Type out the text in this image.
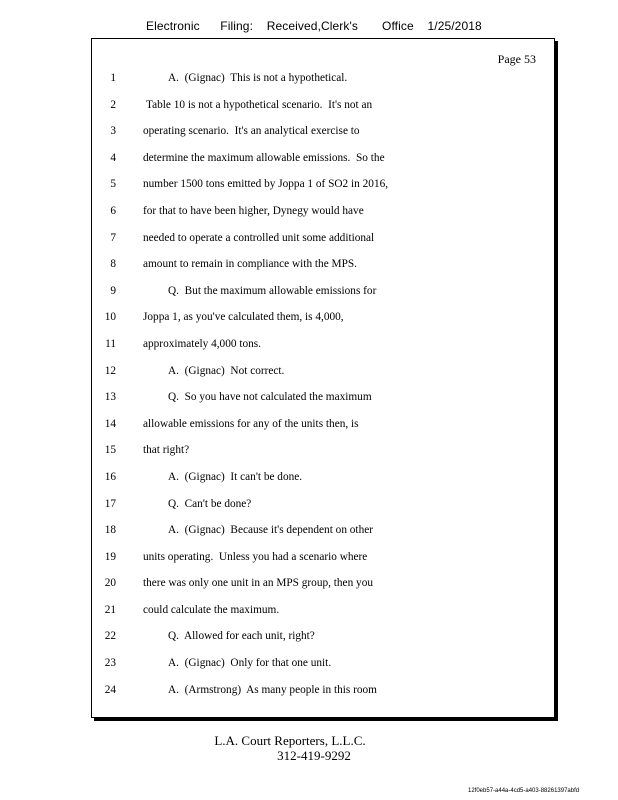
Electronic      Filing:    Received,Clerk's       Office    1/25/2018
Page 53
1	A.  (Gignac)  This is not a hypothetical.
2	Table 10 is not a hypothetical scenario.  It's not an
3 operating scenario.  It's an analytical exercise to
4 determine the maximum allowable emissions.  So the
5 number 1500 tons emitted by Joppa 1 of SO2 in 2016,
6 for that to have been higher, Dynegy would have
7 needed to operate a controlled unit some additional
8 amount to remain in compliance with the MPS.
9	Q.  But the maximum allowable emissions for
10 Joppa 1, as you've calculated them, is 4,000,
11 approximately 4,000 tons.
12	A.  (Gignac)  Not correct.
13	Q.  So you have not calculated the maximum
14 allowable emissions for any of the units then, is
15 that right?
16	A.  (Gignac)  It can't be done.
17	Q.  Can't be done?
18	A.  (Gignac)  Because it's dependent on other
19 units operating.  Unless you had a scenario where
20 there was only one unit in an MPS group, then you
21 could calculate the maximum.
22	Q.  Allowed for each unit, right?
23	A.  (Gignac)  Only for that one unit.
24	A.  (Armstrong)  As many people in this room
L.A. Court Reporters, L.L.C.
312-419-9292
12f0eb57-a44a-4cd5-a403-88261397abfd
